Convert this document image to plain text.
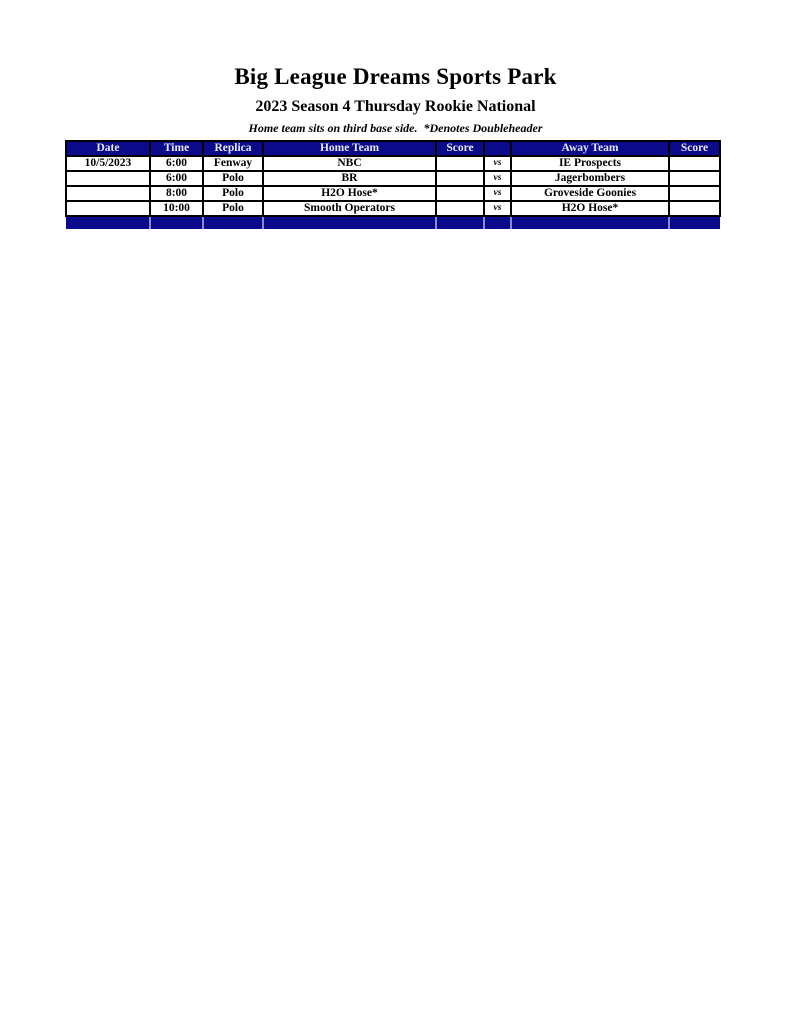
Big League Dreams Sports Park
2023 Season 4 Thursday Rookie National
Home team sits on third base side.  *Denotes Doubleheader
Date	Time	Replica	Home Team	Score		Away Team	Score
10/5/2023	6:00	Fenway	NBC		vs	IE Prospects	
	6:00	Polo	BR		vs	Jagerbombers	
	8:00	Polo	H2O Hose*		vs	Groveside Goonies	
	10:00	Polo	Smooth Operators		vs	H2O Hose*	
